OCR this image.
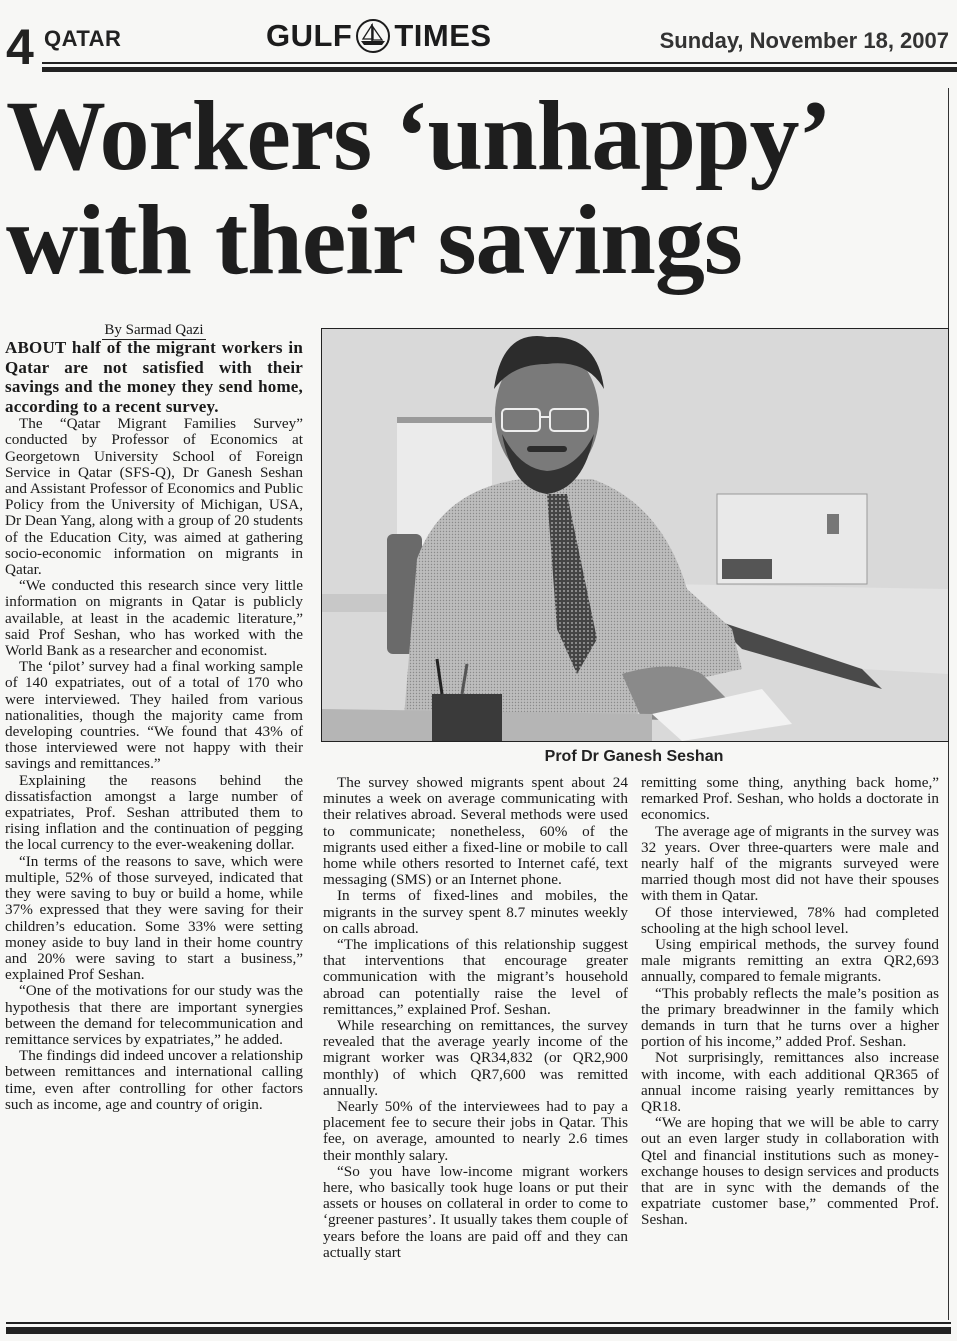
4 QATAR	GULF TIMES	Sunday, November 18, 2007
Workers ‘unhappy’
with their savings

By Sarmad Qazi

ABOUT half of the migrant workers in Qatar are not satisfied with their savings and the money they send home, according to a recent survey.

The “Qatar Migrant Families Survey” conducted by Professor of Economics at Georgetown University School of Foreign Service in Qatar (SFS-Q), Dr Ganesh Seshan and Assistant Professor of Economics and Public Policy from the University of Michigan, USA, Dr Dean Yang, along with a group of 20 students of the Education City, was aimed at gathering socio-economic information on migrants in Qatar.

“We conducted this research since very little information on migrants in Qatar is publicly available, at least in the academic literature,” said Prof Seshan, who has worked with the World Bank as a researcher and economist.

The ‘pilot’ survey had a final working sample of 140 expatriates, out of a total of 170 who were interviewed. They hailed from various nationalities, though the majority came from developing countries. “We found that 43% of those interviewed were not happy with their savings and remittances.”

Explaining the reasons behind the dissatisfaction amongst a large number of expatriates, Prof. Seshan attributed them to rising inflation and the continuation of pegging the local currency to the ever-weakening dollar.

“In terms of the reasons to save, which were multiple, 52% of those surveyed, indicated that they were saving to buy or build a home, while 37% expressed that they were saving for their children’s education. Some 33% were setting money aside to buy land in their home country and 20% were saving to start a business,” explained Prof Seshan.

“One of the motivations for our study was the hypothesis that there are important synergies between the demand for telecommunication and remittance services by expatriates,” he added.

The findings did indeed uncover a relationship between remittances and international calling time, even after controlling for other factors such as income, age and country of origin.

Prof Dr Ganesh Seshan

The survey showed migrants spent about 24 minutes a week on average communicating with their relatives abroad. Several methods were used to communicate; nonetheless, 60% of the migrants used either a fixed-line or mobile to call home while others resorted to Internet café, text messaging (SMS) or an Internet phone.

In terms of fixed-lines and mobiles, the migrants in the survey spent 8.7 minutes weekly on calls abroad.

“The implications of this relationship suggest that interventions that encourage greater communication with the migrant’s household abroad can potentially raise the level of remittances,” explained Prof. Seshan.

While researching on remittances, the survey revealed that the average yearly income of the migrant worker was QR34,832 (or QR2,900 monthly) of which QR7,600 was remitted annually.

Nearly 50% of the interviewees had to pay a placement fee to secure their jobs in Qatar. This fee, on average, amounted to nearly 2.6 times their monthly salary.

“So you have low-income migrant workers here, who basically took huge loans or put their assets or houses on collateral in order to come to ‘greener pastures’. It usually takes them couple of years before the loans are paid off and they can actually start

remitting some thing, anything back home,” remarked Prof. Seshan, who holds a doctorate in economics.

The average age of migrants in the survey was 32 years. Over three-quarters were male and nearly half of the migrants surveyed were married though most did not have their spouses with them in Qatar.

Of those interviewed, 78% had completed schooling at the high school level.

Using empirical methods, the survey found male migrants remitting an extra QR2,693 annually, compared to female migrants.

“This probably reflects the male’s position as the primary breadwinner in the family which demands in turn that he turns over a higher portion of his income,” added Prof. Seshan.

Not surprisingly, remittances also increase with income, with each additional QR365 of annual income raising yearly remittances by QR18.

“We are hoping that we will be able to carry out an even larger study in collaboration with Qtel and financial institutions such as money-exchange houses to design services and products that are in sync with the demands of the expatriate customer base,” commented Prof. Seshan.
